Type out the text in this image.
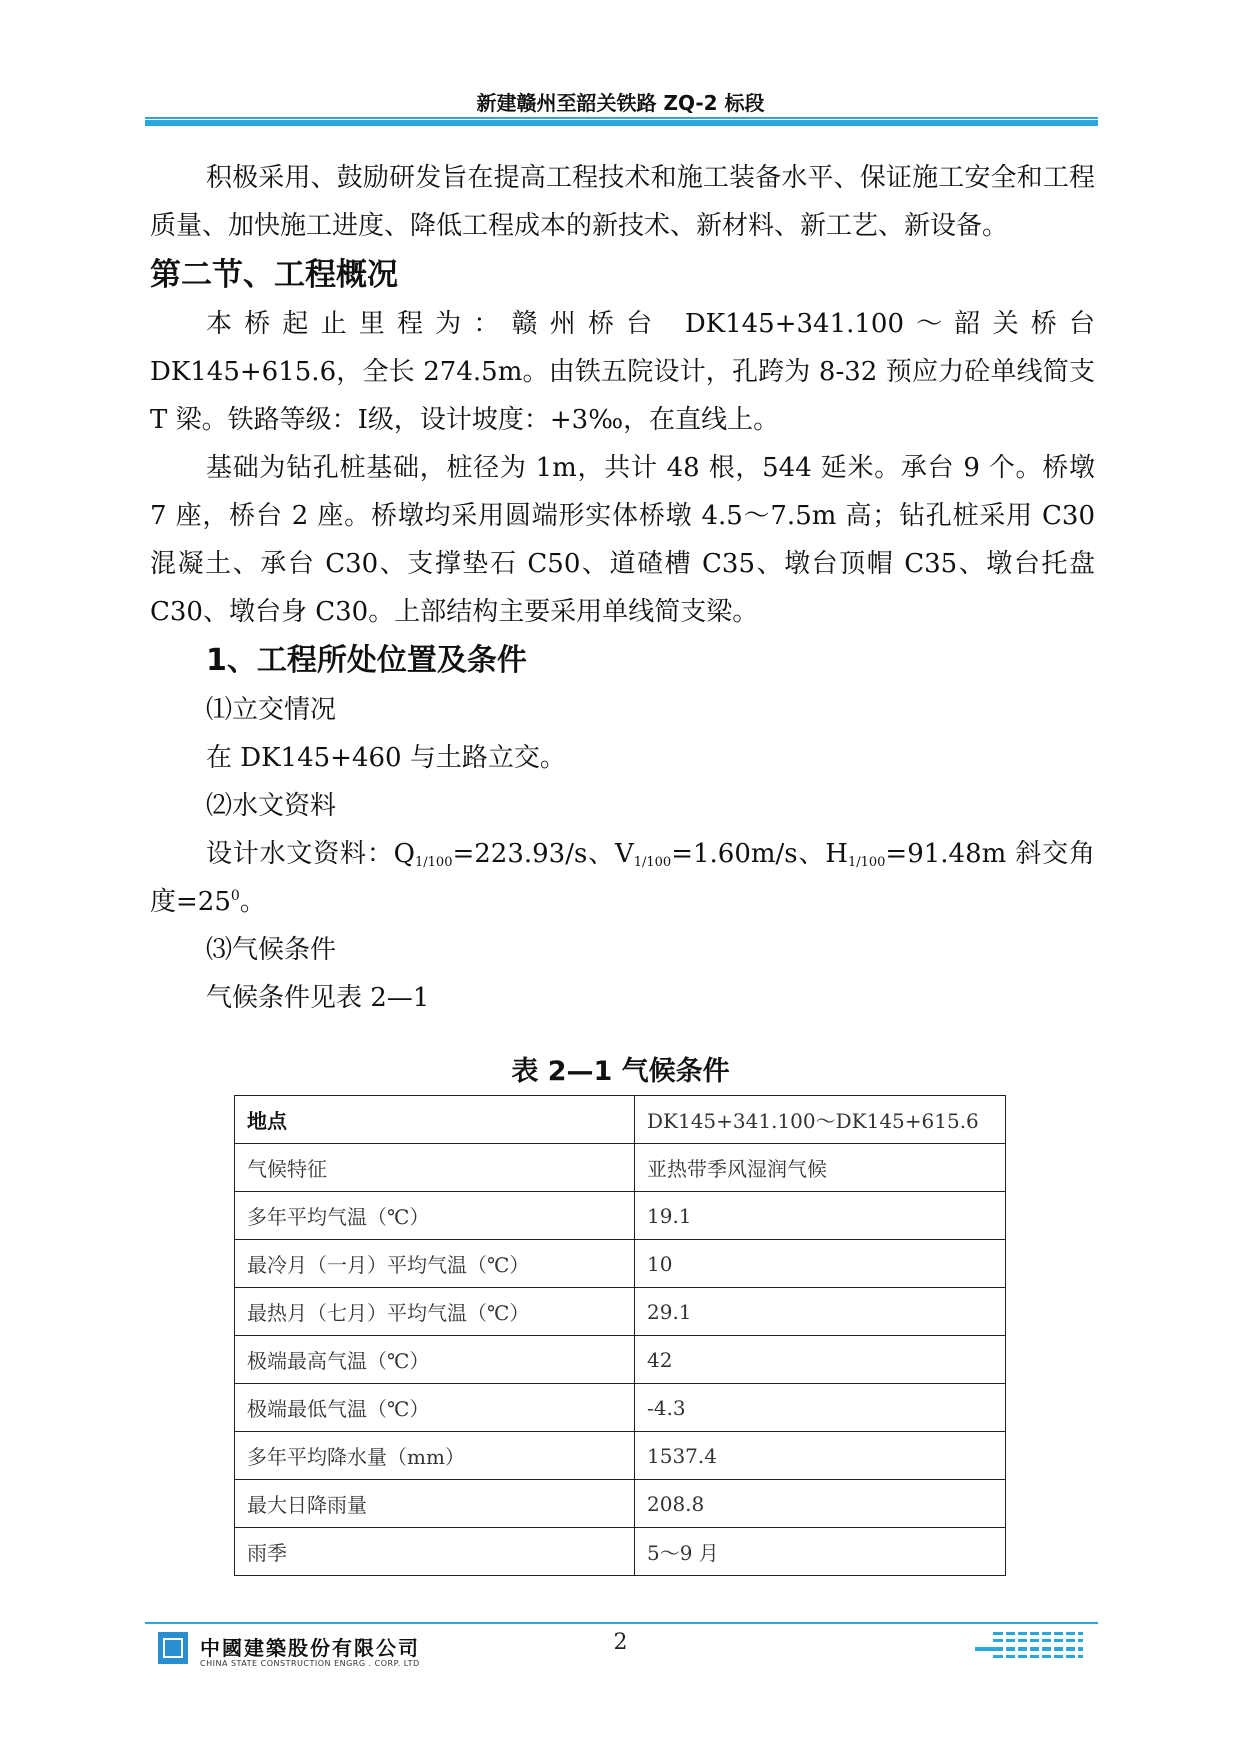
新建赣州至韶关铁路 ZQ-2 标段

积极采用、鼓励研发旨在提高工程技术和施工装备水平、保证施工安全和工程质量、加快施工进度、降低工程成本的新技术、新材料、新工艺、新设备。

第二节、工程概况

本桥起止里程为：赣州桥台 DK145+341.100～韶关桥台 DK145+615.6，全长 274.5m。由铁五院设计，孔跨为 8-32 预应力砼单线简支 T 梁。铁路等级：Ⅰ级，设计坡度：+3‰，在直线上。

基础为钻孔桩基础，桩径为 1m，共计 48 根，544 延米。承台 9 个。桥墩 7 座，桥台 2 座。桥墩均采用圆端形实体桥墩 4.5～7.5m 高；钻孔桩采用 C30 混凝土、承台 C30、支撑垫石 C50、道碴槽 C35、墩台顶帽 C35、墩台托盘 C30、墩台身 C30。上部结构主要采用单线简支梁。

1、工程所处位置及条件

⑴立交情况

在 DK145+460 与土路立交。

⑵水文资料

设计水文资料：$Q_{1/100}=223.93/s$、$V_{1/100}=1.60m/s$、$H_{1/100}=91.48m$ 斜交角度$=25^0$。

⑶气候条件

气候条件见表 2—1

表 2—1 气候条件
地点	DK145+341.100～DK145+615.6
气候特征	亚热带季风湿润气候
多年平均气温（℃）	19.1
最冷月（一月）平均气温（℃）	10
最热月（七月）平均气温（℃）	29.1
极端最高气温（℃）	42
极端最低气温（℃）	-4.3
多年平均降水量（mm）	1537.4
最大日降雨量	208.8
雨季	5～9 月
中國建築股份有限公司
CHINA STATE CONSTRUCTION ENGRG . CORP. LTD
2
